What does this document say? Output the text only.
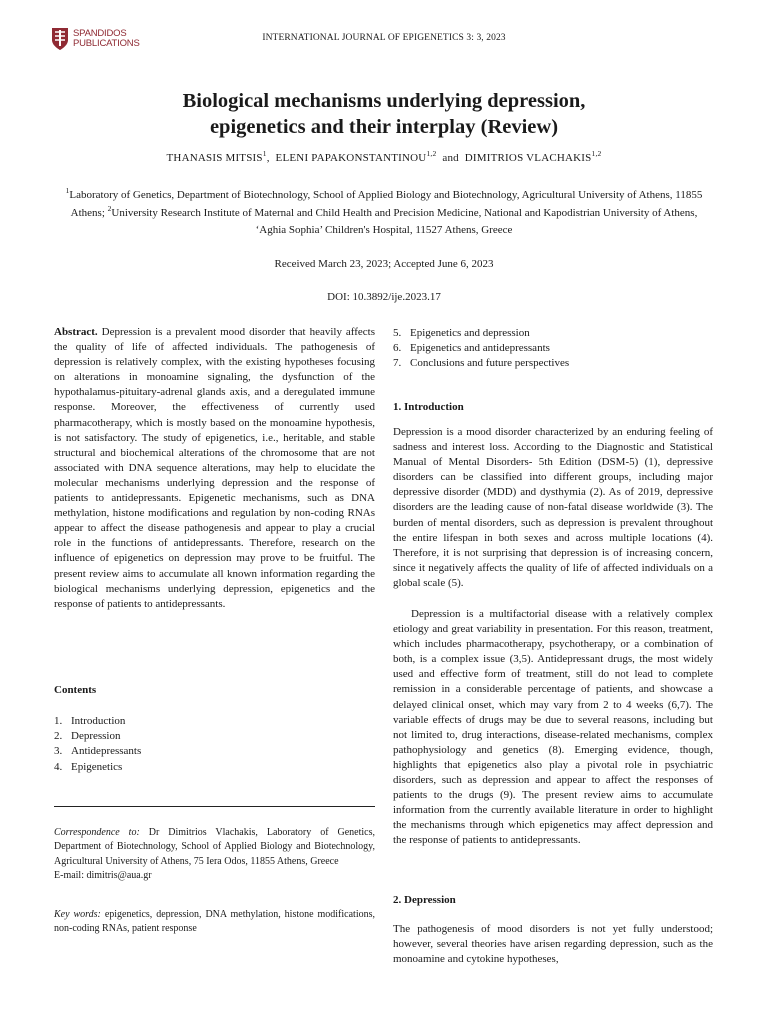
SPANDIDOS
PUBLICATIONS	INTERNATIONAL JOURNAL OF EPIGENETICS 3: 3, 2023
Biological mechanisms underlying depression,
epigenetics and their interplay (Review)
THANASIS MITSIS$^1$, ELENI PAPAKONSTANTINOU$^{1,2}$ and DIMITRIOS VLACHAKIS$^{1,2}$
$^1$Laboratory of Genetics, Department of Biotechnology, School of Applied Biology and Biotechnology, Agricultural University of Athens, 11855 Athens; $^2$University Research Institute of Maternal and Child Health and Precision Medicine, National and Kapodistrian University of Athens, ‘Aghia Sophia’ Children's Hospital, 11527 Athens, Greece
Received March 23, 2023; Accepted June 6, 2023
DOI: 10.3892/ije.2023.17

Abstract. Depression is a prevalent mood disorder that heavily affects the quality of life of affected individuals. The pathogenesis of depression is relatively complex, with the existing hypotheses focusing on alterations in monoamine signaling, the dysfunction of the hypothalamus-pituitary-adrenal glands axis, and a deregulated immune response. Moreover, the effectiveness of currently used pharmacotherapy, which is mostly based on the monoamine hypothesis, is not satisfactory. The study of epigenetics, i.e., heritable, and stable structural and biochemical alterations of the chromosome that are not associated with DNA sequence alterations, may help to elucidate the molecular mechanisms underlying depression and the response of patients to antidepressants. Epigenetic mechanisms, such as DNA methylation, histone modifications and regulation by non-coding RNAs appear to affect the disease pathogenesis and appear to play a crucial role in the functions of antidepressants. Therefore, research on the influence of epigenetics on depression may prove to be fruitful. The present review aims to accumulate all known information regarding the biological mechanisms underlying depression, epigenetics and the response of patients to antidepressants.

Contents
1. Introduction
2. Depression
3. Antidepressants
4. Epigenetics
Correspondence to: Dr Dimitrios Vlachakis, Laboratory of Genetics, Department of Biotechnology, School of Applied Biology and Biotechnology, Agricultural University of Athens, 75 Iera Odos, 11855 Athens, Greece
E-mail: dimitris@aua.gr
Key words: epigenetics, depression, DNA methylation, histone modifications, non-coding RNAs, patient response
5. Epigenetics and depression
6. Epigenetics and antidepressants
7. Conclusions and future perspectives
1. Introduction

Depression is a mood disorder characterized by an enduring feeling of sadness and interest loss. According to the Diagnostic and Statistical Manual of Mental Disorders- 5th Edition (DSM-5) (1), depressive disorders can be classified into different groups, including major depressive disorder (MDD) and dysthymia (2). As of 2019, depressive disorders are the leading cause of non-fatal disease worldwide (3). The burden of mental disorders, such as depression is prevalent throughout the entire lifespan in both sexes and across multiple locations (4). Therefore, it is not surprising that depression is of increasing concern, since it negatively affects the quality of life of affected individuals on a global scale (5).

Depression is a multifactorial disease with a relatively complex etiology and great variability in presentation. For this reason, treatment, which includes pharmacotherapy, psychotherapy, or a combination of both, is a complex issue (3,5). Antidepressant drugs, the most widely used and effective form of treatment, still do not lead to complete remission in a considerable percentage of patients, and showcase a delayed clinical onset, which may vary from 2 to 4 weeks (6,7). The variable effects of drugs may be due to several reasons, including but not limited to, drug interactions, disease-related mechanisms, complex pathophysiology and genetics (8). Emerging evidence, though, highlights that epigenetics also play a pivotal role in psychiatric disorders, such as depression and appear to affect the responses of patients to the drugs (9). The present review aims to accumulate information from the currently available literature in order to highlight the mechanisms through which epigenetics may affect depression and the response of patients to antidepressants.

2. Depression

The pathogenesis of mood disorders is not yet fully understood; however, several theories have arisen regarding depression, such as the monoamine and cytokine hypotheses,
